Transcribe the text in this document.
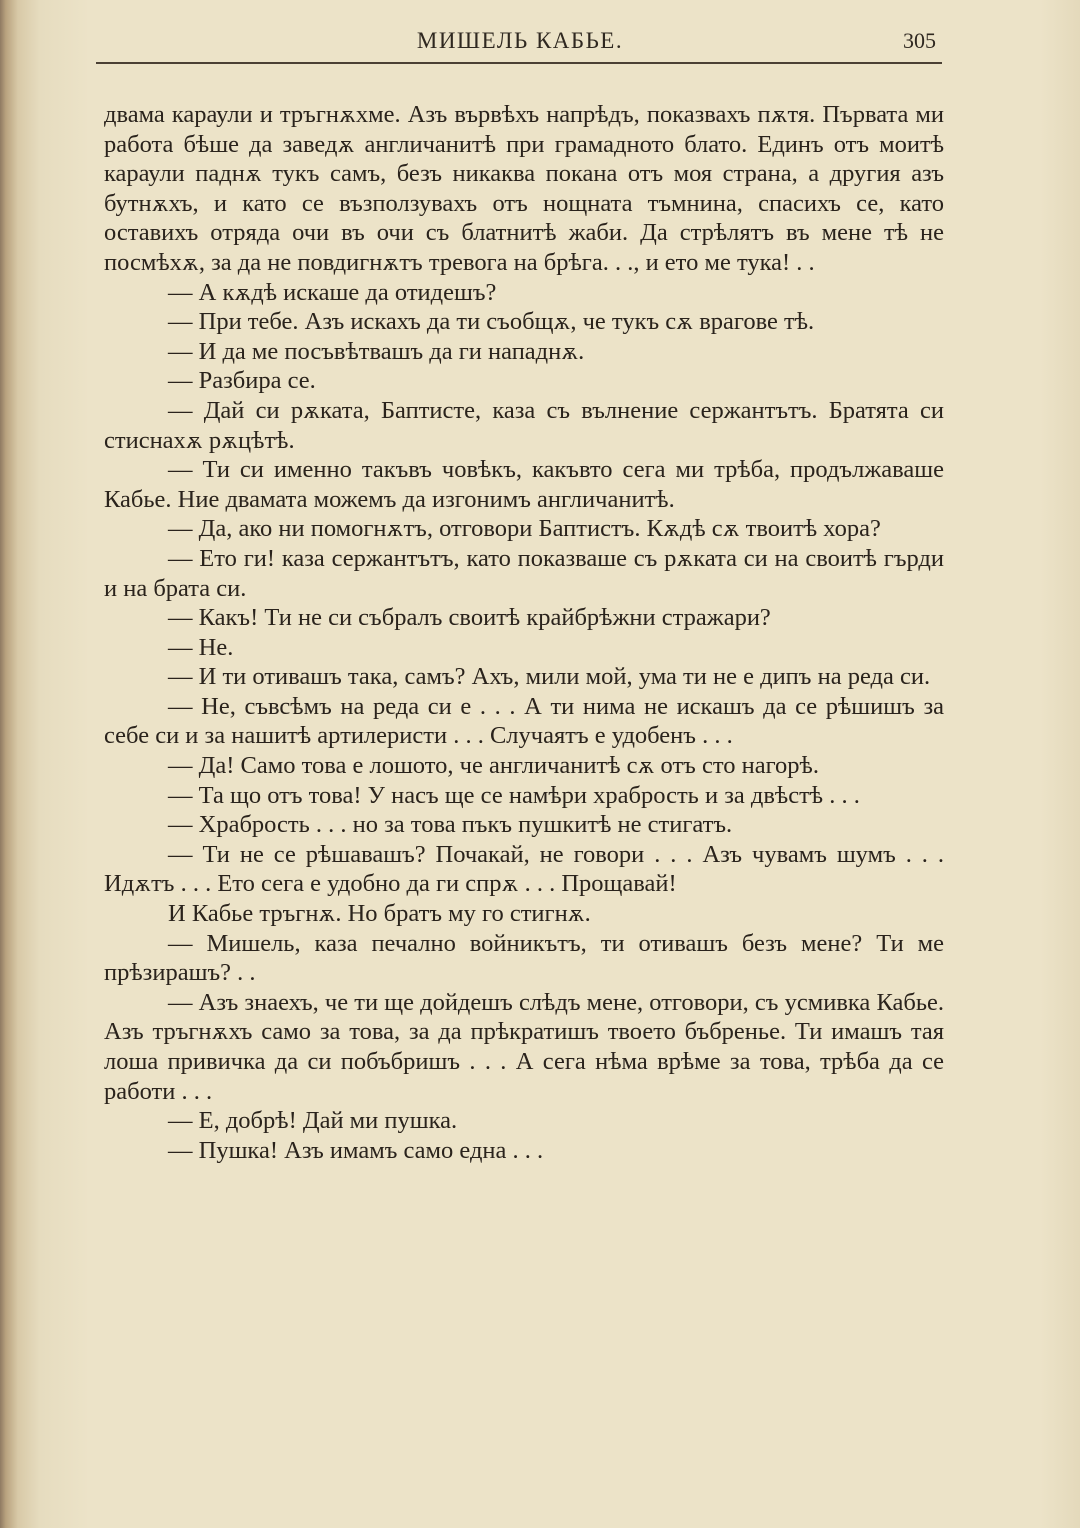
МИШЕЛЬ КАБЬЕ.	305

двама караули и тръгнѫхме. Азъ вървѣхъ напрѣдъ, показвахъ пѫтя. Първата ми работа бѣше да заведѫ англичанитѣ при грамадното блато. Единъ отъ моитѣ караули паднѫ тукъ самъ, безъ никаква покана отъ моя страна, а другия азъ бутнѫхъ, и като се възползувахъ отъ нощната тъмнина, спасихъ се, като оставихъ отряда очи въ очи съ блатнитѣ жаби. Да стрѣлятъ въ мене тѣ не посмѣхѫ, за да не повдигнѫтъ тревога на брѣга. . ., и ето ме тука! . .

— А кѫдѣ искаше да отидешъ?

— При тебе. Азъ искахъ да ти съобщѫ, че тукъ сѫ врагове тѣ.

— И да ме посъвѣтвашъ да ги нападнѫ.

— Разбира се.

— Дай си рѫката, Баптисте, каза съ вълнение сержантътъ. Братята си стиснахѫ рѫцѣтѣ.

— Ти си именно такъвъ човѣкъ, какъвто сега ми трѣба, продължаваше Кабье. Ние двамата можемъ да изгонимъ англичанитѣ.

— Да, ако ни помогнѫтъ, отговори Баптистъ. Кѫдѣ сѫ твоитѣ хора?

— Ето ги! каза сержантътъ, като показваше съ рѫката си на своитѣ гърди и на брата си.

— Какъ! Ти не си събралъ своитѣ крайбрѣжни стражари?

— Не.

— И ти отивашъ така, самъ? Ахъ, мили мой, ума ти не е дипъ на реда си.

— Не, съвсѣмъ на реда си е . . . А ти нима не искашъ да се рѣшишъ за себе си и за нашитѣ артилеристи . . . Случаятъ е удобенъ . . .

— Да! Само това е лошото, че англичанитѣ сѫ отъ сто нагорѣ.

— Та що отъ това! У насъ ще се намѣри храбрость и за двѣстѣ . . .

— Храбрость . . . но за това пъкъ пушкитѣ не стигатъ.

— Ти не се рѣшавашъ? Почакай, не говори . . . Азъ чувамъ шумъ . . . Идѫтъ . . . Ето сега е удобно да ги спрѫ . . . Прощавай!

И Кабье тръгнѫ. Но братъ му го стигнѫ.

— Мишель, каза печално войникътъ, ти отивашъ безъ мене? Ти ме прѣзирашъ? . .

— Азъ знаехъ, че ти ще дойдешъ слѣдъ мене, отговори, съ усмивка Кабье. Азъ тръгнѫхъ само за това, за да прѣкратишъ твоето бъбренье. Ти имашъ тая лоша привичка да си побъбришъ . . . А сега нѣма врѣме за това, трѣба да се работи . . .

— Е, добрѣ! Дай ми пушка.

— Пушка! Азъ имамъ само една . . .
